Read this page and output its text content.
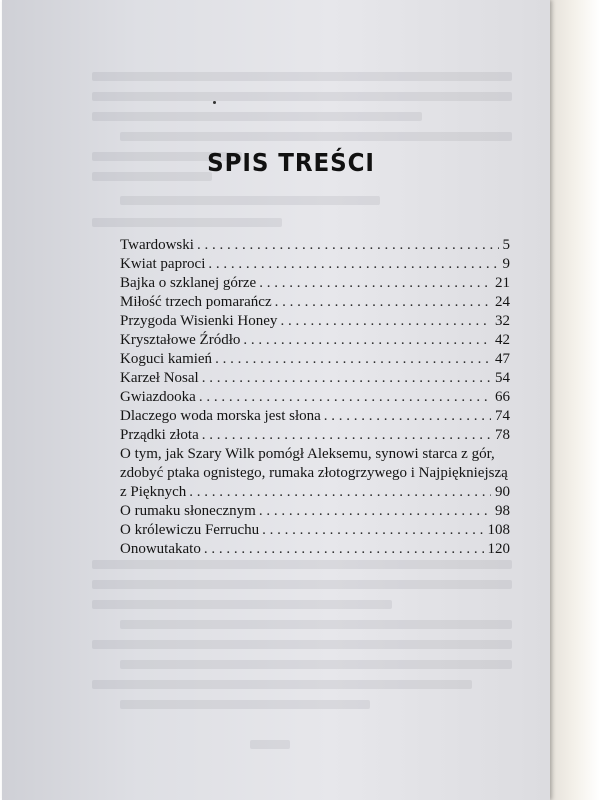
SPIS TREŚCI
Twardowski . . .	5
Kwiat paproci . . .	9
Bajka o szklanej górze . . .	21
Miłość trzech pomarańcz . . .	24
Przygoda Wisienki Honey . . .	32
Kryształowe Źródło . . .	42
Koguci kamień . . .	47
Karzeł Nosal . . .	54
Gwiazdooka . . .	66
Dlaczego woda morska jest słona . . .	74
Prządki złota . . .	78
O tym, jak Szary Wilk pomógł Aleksemu, synowi starca z gór,
zdobyć ptaka ognistego, rumaka złotogrzywego i Najpiękniejszą
z Pięknych . . .	90
O rumaku słonecznym . . .	98
O królewiczu Ferruchu . . .	108
Onowutakato . . .	120
